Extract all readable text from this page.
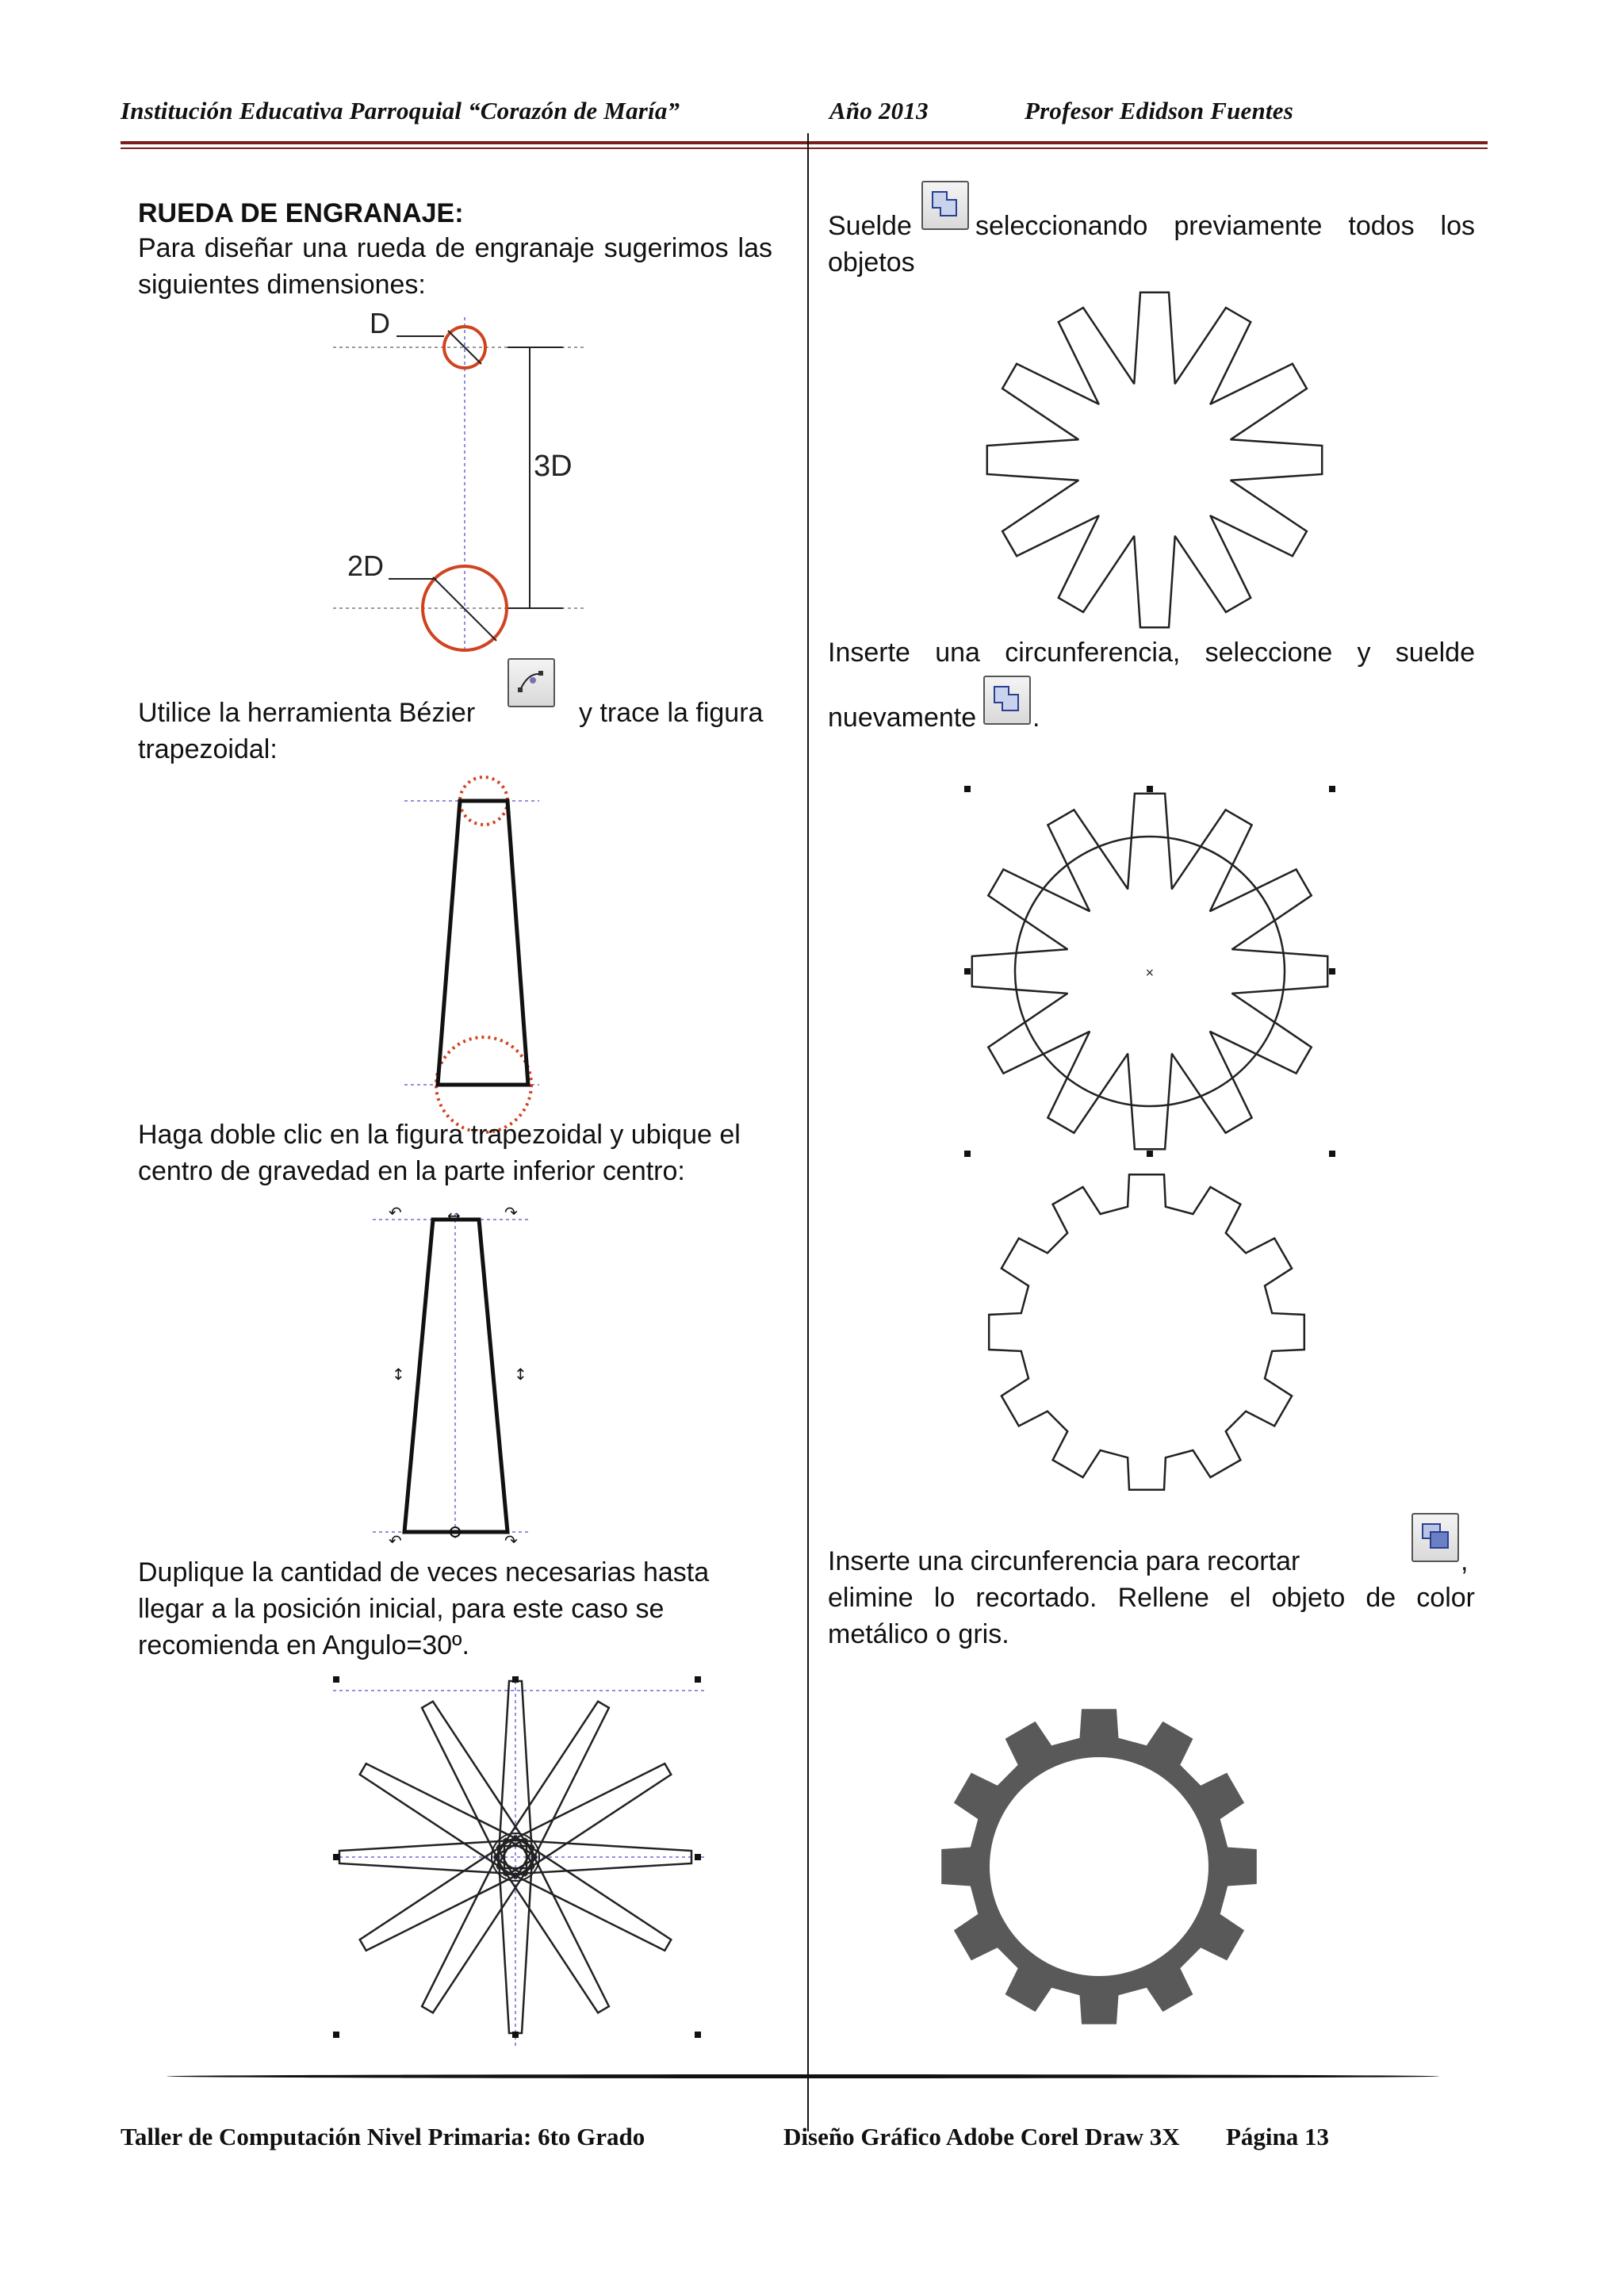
Institución Educativa Parroquial “Corazón de María”	Año 2013	Profesor Edidson Fuentes
RUEDA DE ENGRANAJE:
Para diseñar una rueda de engranaje sugerimos las
siguientes dimensiones:
D
2D
3D
Utilice la herramienta Bézier	y trace la figura
trapezoidal:
Haga doble clic en la figura trapezoidal y ubique el
centro de gravedad en la parte inferior centro:
↶	↷
↶	↷
↕	↕
↔
Duplique la cantidad de veces necesarias hasta
llegar a la posición inicial, para este caso se
recomienda en Angulo=30º.
Suelde seleccionando previamente todos los
objetos
Inserte una circunferencia, seleccione y suelde
nuevamente .
×
Inserte una circunferencia para recortar	,
elimine lo recortado. Rellene el objeto de color
metálico o gris.
Taller de Computación Nivel Primaria: 6to Grado	Diseño Gráfico Adobe Corel Draw 3X Página 13
